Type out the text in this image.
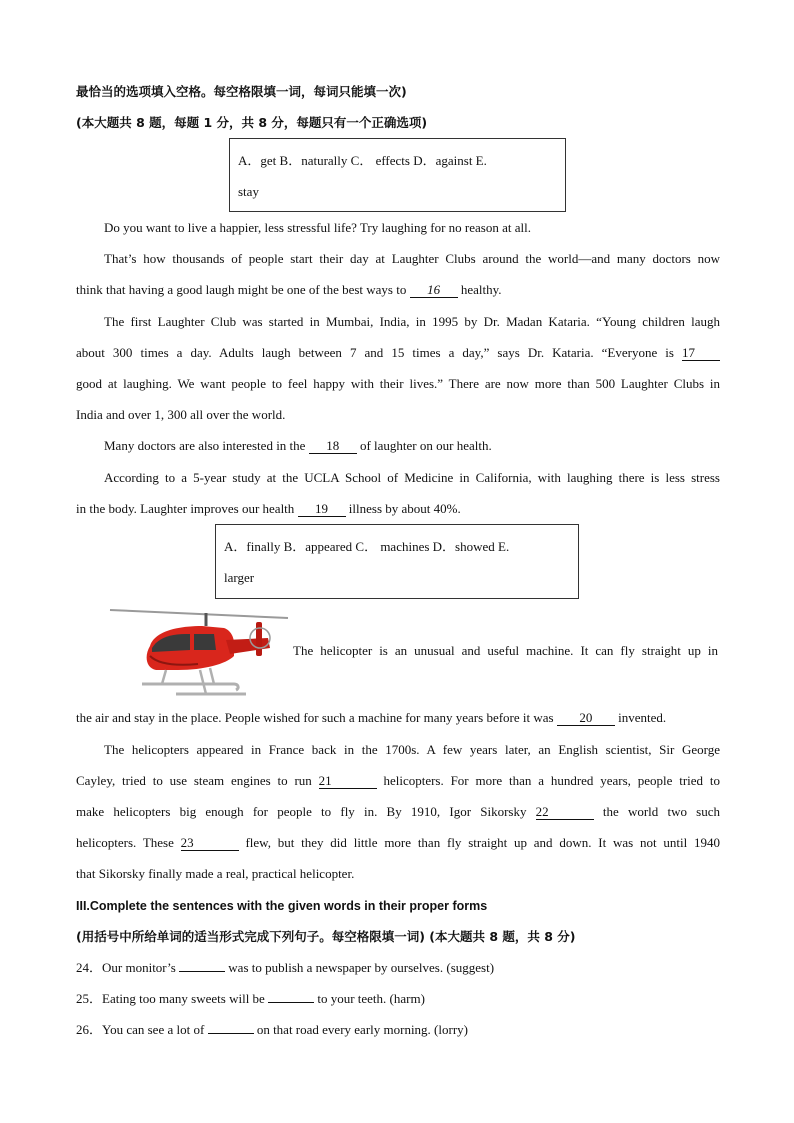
最恰当的选项填入空格。每空格限填一词，每词只能填一次)
(本大题共 8 题，每题 1 分，共 8 分，每题只有一个正确选项)
A．get B．naturally C． effects D．against E.
stay
Do you want to live a happier, less stressful life? Try laughing for no reason at all.
That’s how thousands of people start their day at Laughter Clubs around the world—and many doctors now
think that having a good laugh might be one of the best ways to 16 healthy.
The first Laughter Club was started in Mumbai, India, in 1995 by Dr. Madan Kataria. “Young children laugh
about 300 times a day. Adults laugh between 7 and 15 times a day,” says Dr. Kataria. “Everyone is 17
good at laughing. We want people to feel happy with their lives.” There are now more than 500 Laughter Clubs in
India and over 1, 300 all over the world.
Many doctors are also interested in the 18 of laughter on our health.
According to a 5-year study at the UCLA School of Medicine in California, with laughing there is less stress
in the body. Laughter improves our health 19 illness by about 40%.
A．finally B．appeared C． machines D．showed E.
larger
The helicopter is an unusual and useful machine. It can fly straight up in
the air and stay in the place. People wished for such a machine for many years before it was 20 invented.
The helicopters appeared in France back in the 1700s. A few years later, an English scientist, Sir George
Cayley, tried to use steam engines to run 21	helicopters. For more than a hundred years, people tried to
make helicopters big enough for people to fly in. By 1910, Igor Sikorsky 22	the world two such
helicopters. These 23	flew, but they did little more than fly straight up and down. It was not until 1940
that Sikorsky finally made a real, practical helicopter.
III.Complete the sentences with the given words in their proper forms
(用括号中所给单词的适当形式完成下列句子。每空格限填一词) (本大题共 8 题，共 8 分)
24．Our monitor’s	was to publish a newspaper by ourselves. (suggest)
25．Eating too many sweets will be	to your teeth. (harm)
26．You can see a lot of	on that road every early morning. (lorry)
